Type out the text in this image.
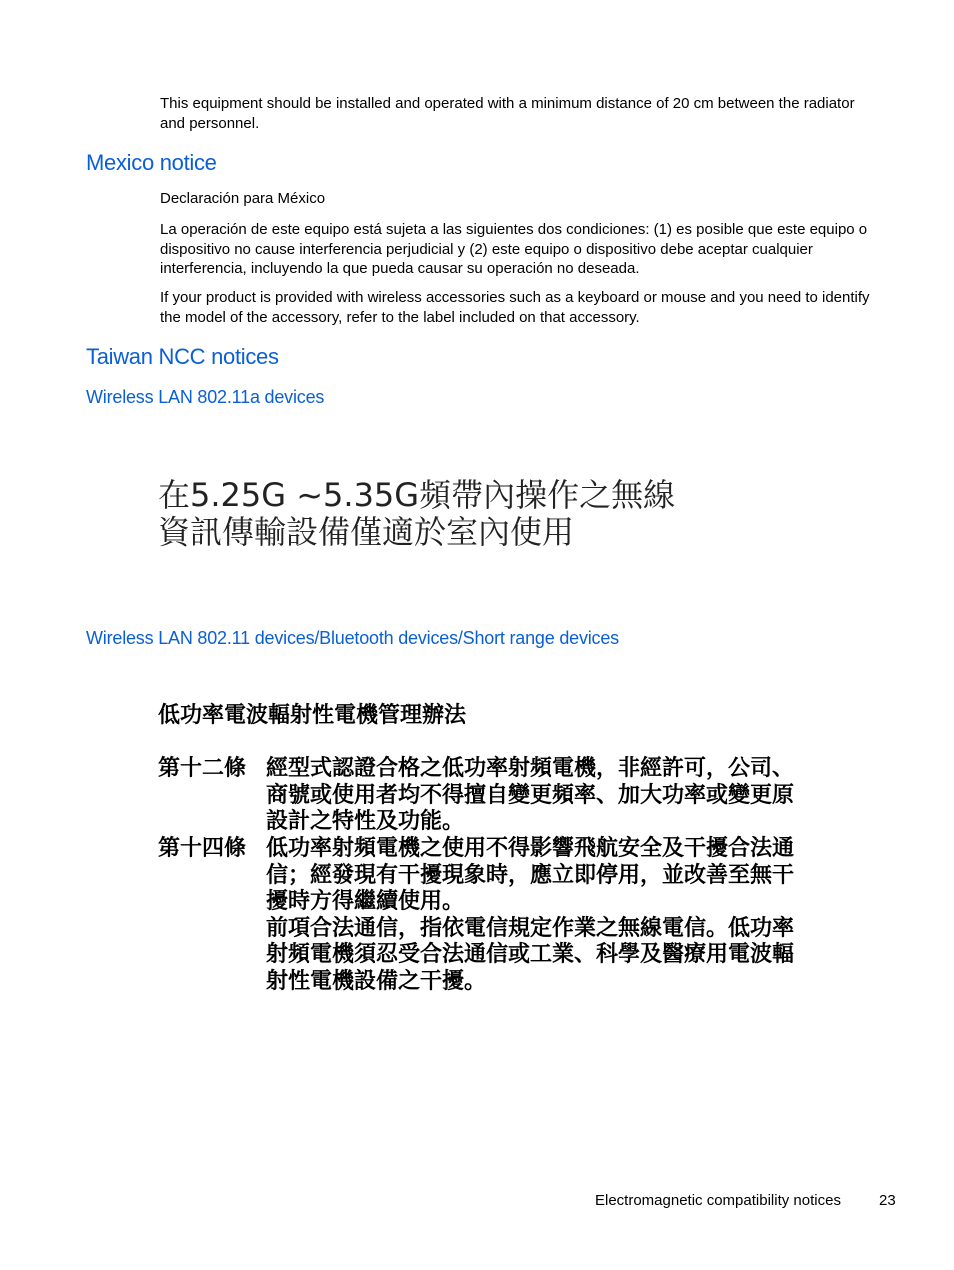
This equipment should be installed and operated with a minimum distance of 20 cm between the radiator and personnel.

Mexico notice

Declaración para México

La operación de este equipo está sujeta a las siguientes dos condiciones: (1) es posible que este equipo o dispositivo no cause interferencia perjudicial y (2) este equipo o dispositivo debe aceptar cualquier interferencia, incluyendo la que pueda causar su operación no deseada.

If your product is provided with wireless accessories such as a keyboard or mouse and you need to identify the model of the accessory, refer to the label included on that accessory.

Taiwan NCC notices
Wireless LAN 802.11a devices
在5.25G ~5.35G頻帶內操作之無線
資訊傳輸設備僅適於室內使用
Wireless LAN 802.11 devices/Bluetooth devices/Short range devices
低功率電波輻射性電機管理辦法
第十二條 經型式認證合格之低功率射頻電機，非經許可，公司、
商號或使用者均不得擅自變更頻率、加大功率或變更原
設計之特性及功能。
第十四條 低功率射頻電機之使用不得影響飛航安全及干擾合法通
信；經發現有干擾現象時，應立即停用，並改善至無干
擾時方得繼續使用。
前項合法通信，指依電信規定作業之無線電信。低功率
射頻電機須忍受合法通信或工業、科學及醫療用電波輻
射性電機設備之干擾。
Electromagnetic compatibility notices	23
